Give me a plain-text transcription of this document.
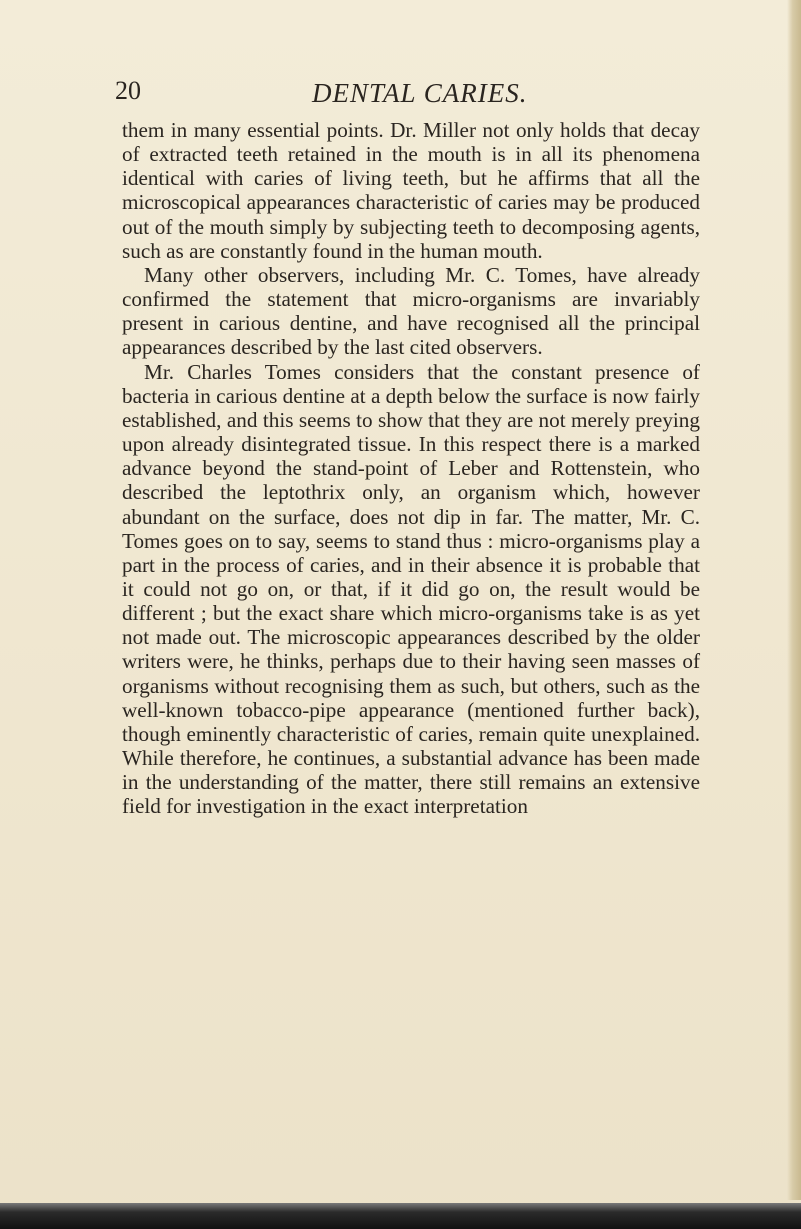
20	DENTAL CARIES.

them in many essential points. Dr. Miller not only holds that decay of extracted teeth retained in the mouth is in all its phenomena identical with caries of living teeth, but he affirms that all the microscopical appearances characteristic of caries may be produced out of the mouth simply by subjecting teeth to decomposing agents, such as are constantly found in the human mouth.

Many other observers, including Mr. C. Tomes, have already confirmed the statement that micro-organisms are invariably present in carious dentine, and have recognised all the principal appearances described by the last cited observers.

Mr. Charles Tomes considers that the constant presence of bacteria in carious dentine at a depth below the surface is now fairly established, and this seems to show that they are not merely preying upon already disintegrated tissue. In this respect there is a marked advance beyond the stand-point of Leber and Rottenstein, who described the leptothrix only, an organism which, however abundant on the surface, does not dip in far. The matter, Mr. C. Tomes goes on to say, seems to stand thus : micro-organisms play a part in the process of caries, and in their absence it is probable that it could not go on, or that, if it did go on, the result would be different ; but the exact share which micro-organisms take is as yet not made out. The microscopic appearances described by the older writers were, he thinks, perhaps due to their having seen masses of organisms without recognising them as such, but others, such as the well-known tobacco-pipe appearance (mentioned further back), though eminently characteristic of caries, remain quite unexplained. While therefore, he continues, a substantial advance has been made in the understanding of the matter, there still remains an extensive field for investigation in the exact interpretation
